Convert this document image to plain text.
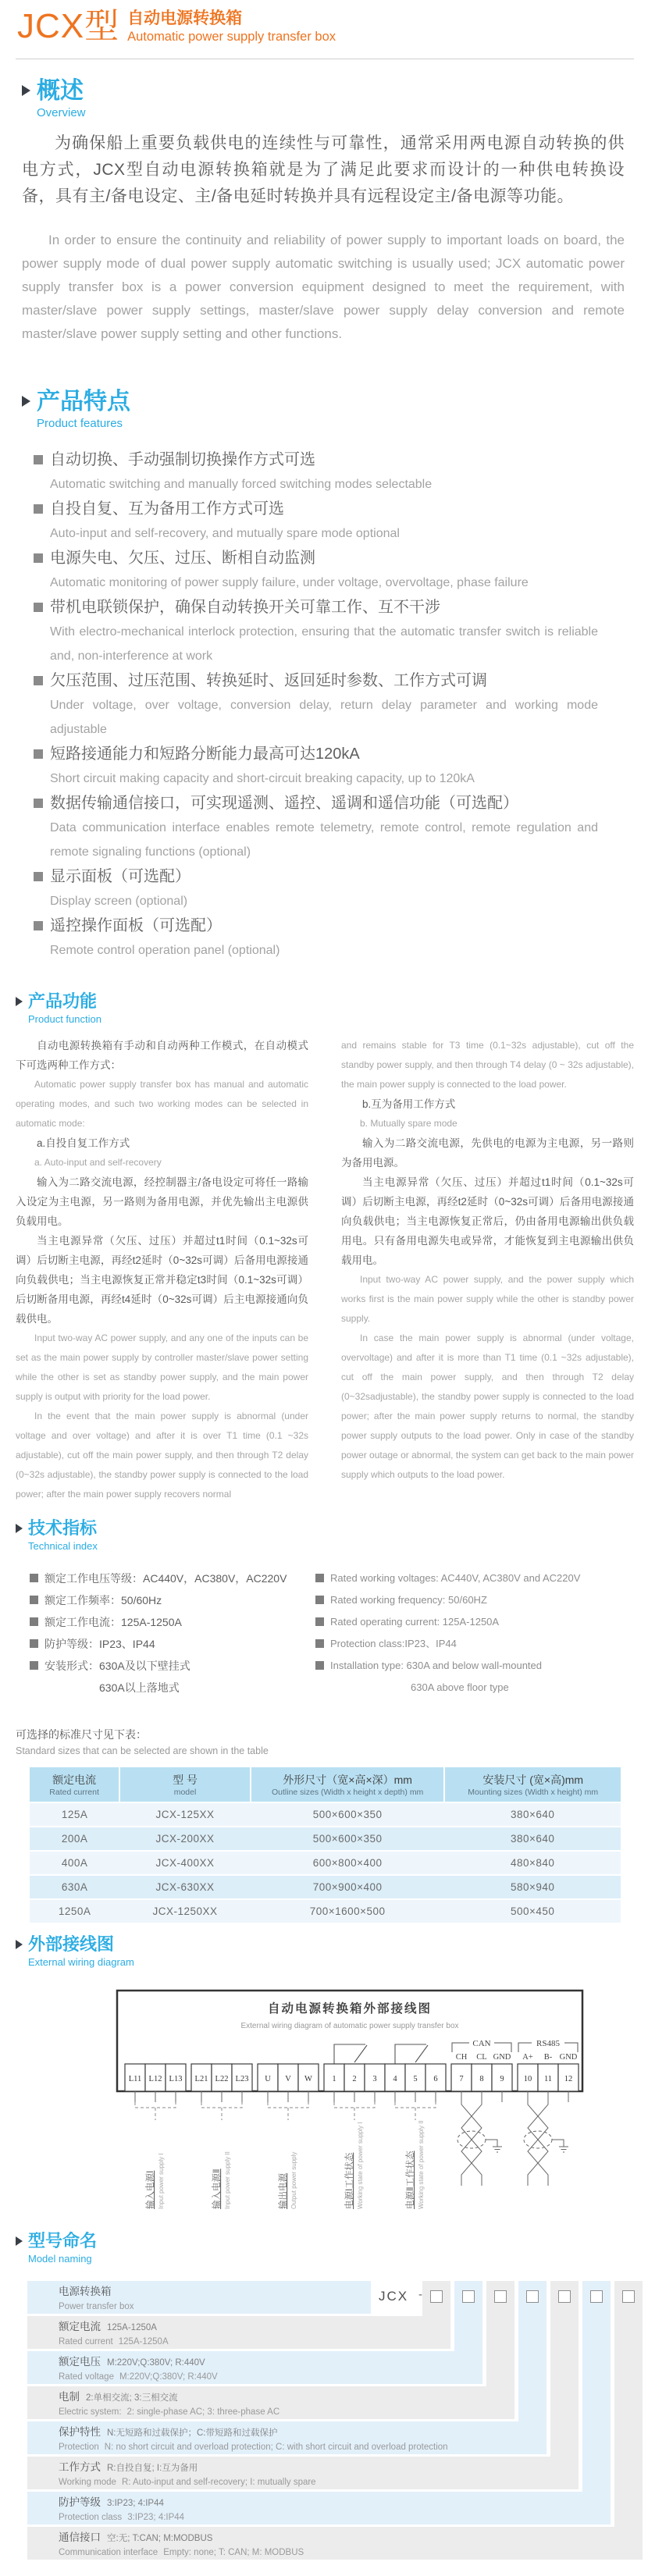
JCX型 自动电源转换箱
Automatic power supply transfer box
概述
Overview

为确保船上重要负载供电的连续性与可靠性，通常采用两电源自动转换的供电方式，JCX型自动电源转换箱就是为了满足此要求而设计的一种供电转换设备，具有主/备电设定、主/备电延时转换并具有远程设定主/备电源等功能。

In order to ensure the continuity and reliability of power supply to important loads on board, the power supply mode of dual power supply automatic switching is usually used; JCX automatic power supply transfer box is a power conversion equipment designed to meet the requirement, with master/slave power supply settings, master/slave power supply delay conversion and remote master/slave power supply setting and other functions.

产品特点
Product features
自动切换、手动强制切换操作方式可选
Automatic switching and manually forced switching modes selectable
自投自复、互为备用工作方式可选
Auto-input and self-recovery, and mutually spare mode optional
电源失电、欠压、过压、断相自动监测
Automatic monitoring of power supply failure, under voltage, overvoltage, phase failure
带机电联锁保护，确保自动转换开关可靠工作、互不干涉
With electro-mechanical interlock protection, ensuring that the automatic transfer switch is reliable and, non-interference at work
欠压范围、过压范围、转换延时、返回延时参数、工作方式可调
Under voltage, over voltage, conversion delay, return delay parameter and working mode adjustable
短路接通能力和短路分断能力最高可达120kA
Short circuit making capacity and short-circuit breaking capacity, up to 120kA
数据传输通信接口，可实现遥测、遥控、遥调和遥信功能（可选配）
Data communication interface enables remote telemetry, remote control, remote regulation and remote signaling functions (optional)
显示面板（可选配）
Display screen (optional)
遥控操作面板（可选配）
Remote control operation panel (optional)
产品功能
Product function

自动电源转换箱有手动和自动两种工作模式，在自动模式下可选两种工作方式：

Automatic power supply transfer box has manual and automatic operating modes, and such two working modes can be selected in automatic mode:

a.自投自复工作方式

a. Auto-input and self-recovery

输入为二路交流电源，经控制器主/备电设定可将任一路输入设定为主电源，另一路则为备用电源，并优先输出主电源供负载用电。

当主电源异常（欠压、过压）并超过t1时间（0.1~32s可调）后切断主电源，再经t2延时（0~32s可调）后备用电源接通向负载供电；当主电源恢复正常并稳定t3时间（0.1~32s可调）后切断备用电源，再经t4延时（0~32s可调）后主电源接通向负载供电。

Input two-way AC power supply, and any one of the inputs can be set as the main power supply by controller master/slave power setting while the other is set as standby power supply, and the main power supply is output with priority for the load power.

In the event that the main power supply is abnormal (under voltage and over voltage) and after it is over T1 time (0.1 ~32s adjustable), cut off the main power supply, and then through T2 delay (0~32s adjustable), the standby power supply is connected to the load power; after the main power supply recovers normal

and remains stable for T3 time (0.1~32s adjustable), cut off the standby power supply, and then through T4 delay (0 ~ 32s adjustable), the main power supply is connected to the load power.

b.互为备用工作方式

b. Mutually spare mode

输入为二路交流电源，先供电的电源为主电源，另一路则为备用电源。

当主电源异常（欠压、过压）并超过t1时间（0.1~32s可调）后切断主电源，再经t2延时（0~32s可调）后备用电源接通向负载供电；当主电源恢复正常后，仍由备用电源输出供负载用电。只有备用电源失电或异常，才能恢复到主电源输出供负载用电。

Input two-way AC power supply, and the power supply which works first is the main power supply while the other is standby power supply.

In case the main power supply is abnormal (under voltage, overvoltage) and after it is more than T1 time (0.1 ~32s adjustable), cut off the main power supply, and then through T2 delay (0~32sadjustable), the standby power supply is connected to the load power; after the main power supply returns to normal, the standby power supply outputs to the load power. Only in case of the standby power outage or abnormal, the system can get back to the main power supply which outputs to the load power.

技术指标
Technical index
额定工作电压等级：AC440V，AC380V，AC220V
额定工作频率：50/60Hz
额定工作电流：125A-1250A
防护等级：IP23、IP44
安装形式：630A及以下壁挂式
630A以上落地式
Rated working voltages: AC440V, AC380V and AC220V
Rated working frequency: 50/60HZ
Rated operating current: 125A-1250A
Protection class:IP23、IP44
Installation type: 630A and below wall-mounted
630A above floor type

可选择的标准尺寸见下表：

Standard sizes that can be selected are shown in the table

额定电流
Rated current	型 号
model	外形尺寸（宽×高×深）mm
Outline sizes (Width x height x depth) mm	安装尺寸 (宽×高)mm
Mounting sizes (Width x height) mm

125A	JCX-125XX	500×600×350	380×640
200A	JCX-200XX	500×600×350	380×640
400A	JCX-400XX	600×800×400	480×840
630A	JCX-630XX	700×900×400	580×940
1250A	JCX-1250XX	700×1600×500	500×450
外部接线图
External wiring diagram
自动电源转换箱外部接线图
External wiring diagram of automatic power supply transfer box
CAN
CH CL GND
RS485
A+ B- GND
L11 L12 L13 L21 L22 L23 U V W 1 2 3 4 5 6	7 8 9 10 11 12
输入电源Ⅰ Input power supply I	输入电源Ⅱ Input power supply II	输出电源 Output power supply	电源Ⅰ工作状态 Working state of power supply I	电源Ⅱ工作状态 Working state of power supply II
型号命名
Model naming
JCX -
电源转换箱
Power transfer box
额定电流 125A-1250A
Rated current 125A-1250A
额定电压 M:220V;Q:380V; R:440V
Rated voltage M:220V;Q:380V; R:440V
电制 2:单相交流; 3:三相交流
Electric system: 2: single-phase AC; 3: three-phase AC
保护特性 N:无短路和过载保护；C:带短路和过载保护
Protection N: no short circuit and overload protection; C: with short circuit and overload protection
工作方式 R:自投自复; I:互为备用
Working mode R: Auto-input and self-recovery; I: mutually spare
防护等级 3:IP23; 4:IP44
Protection class 3:IP23; 4:IP44
通信接口 空:无; T:CAN; M:MODBUS
Communication interface Empty: none; T: CAN; M: MODBUS
